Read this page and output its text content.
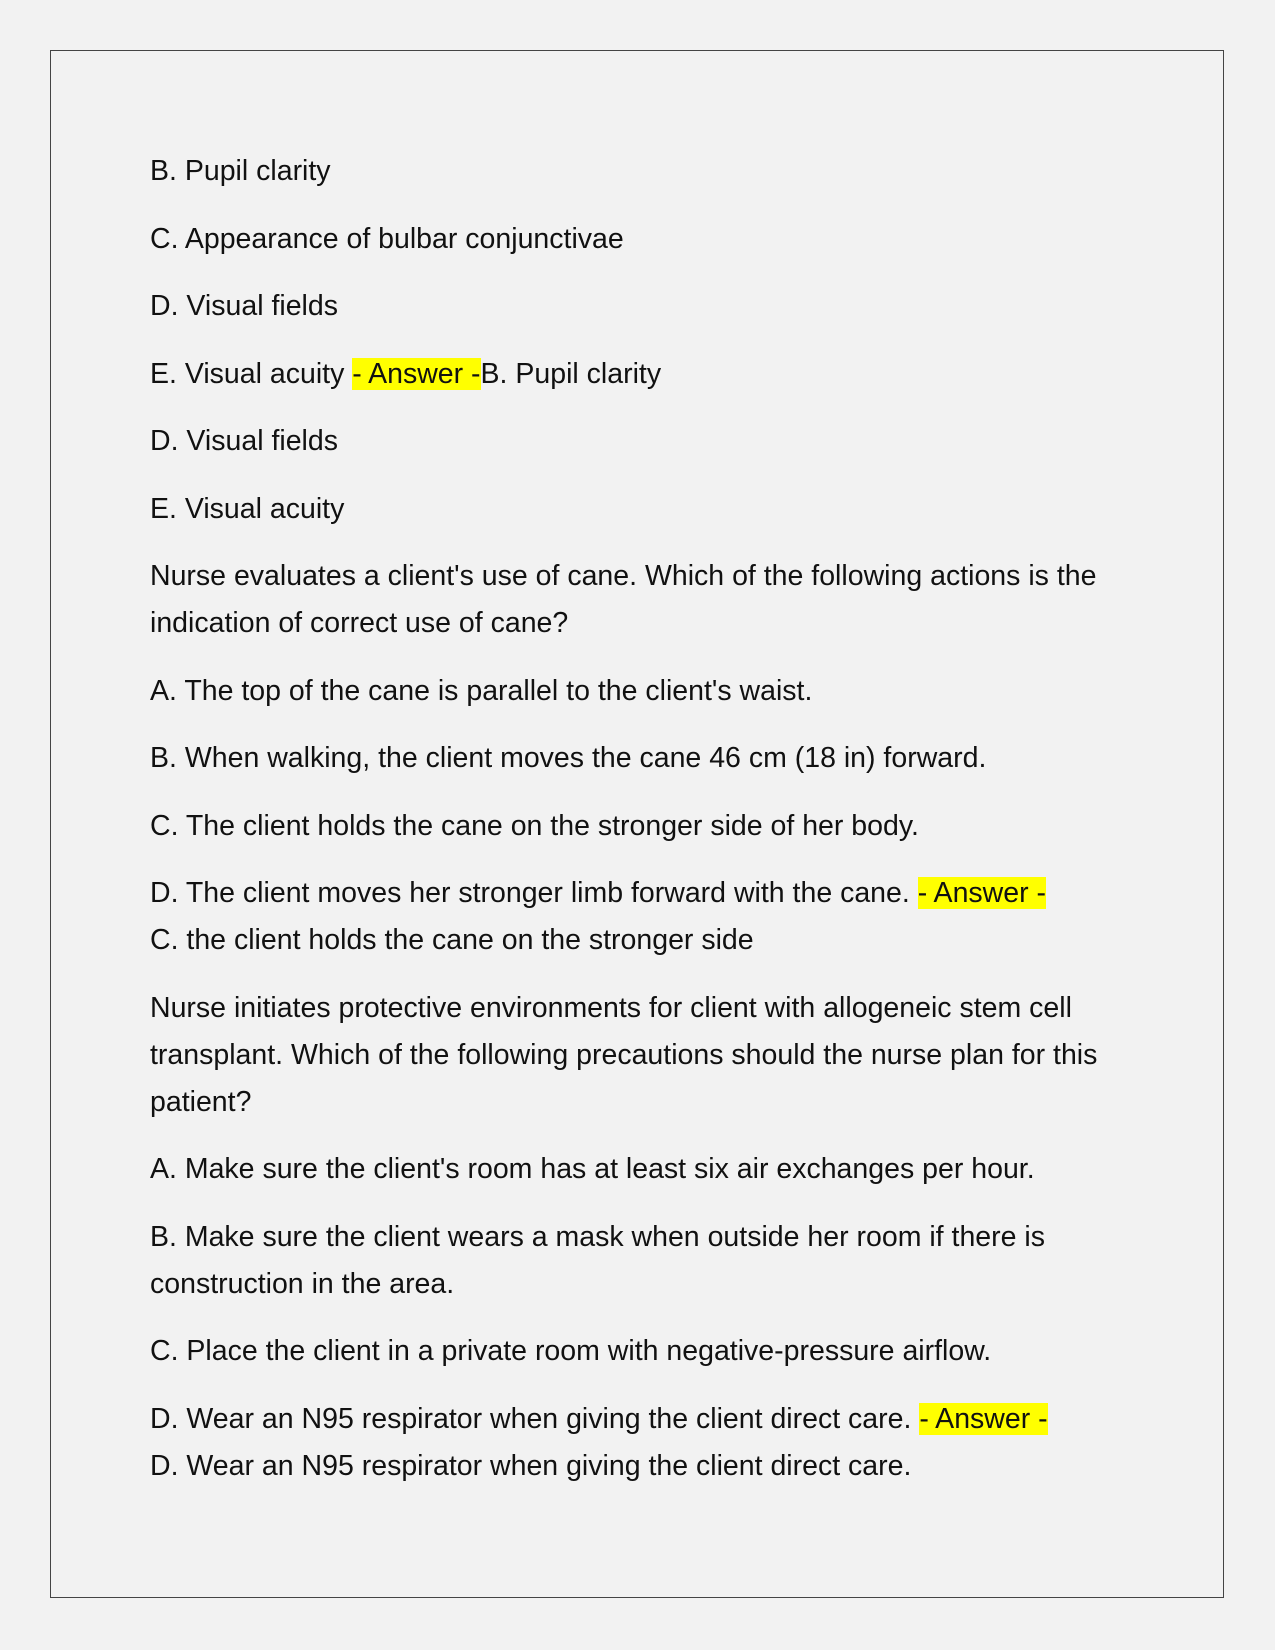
B. Pupil clarity

C. Appearance of bulbar conjunctivae

D. Visual fields

E. Visual acuity - Answer -B. Pupil clarity

D. Visual fields

E. Visual acuity

Nurse evaluates a client's use of cane. Which of the following actions is the indication of correct use of cane?

A. The top of the cane is parallel to the client's waist.

B. When walking, the client moves the cane 46 cm (18 in) forward.

C. The client holds the cane on the stronger side of her body.

D. The client moves her stronger limb forward with the cane. - Answer -
C. the client holds the cane on the stronger side

Nurse initiates protective environments for client with allogeneic stem cell transplant. Which of the following precautions should the nurse plan for this patient?

A. Make sure the client's room has at least six air exchanges per hour.

B. Make sure the client wears a mask when outside her room if there is construction in the area.

C. Place the client in a private room with negative-pressure airflow.

D. Wear an N95 respirator when giving the client direct care. - Answer -
D. Wear an N95 respirator when giving the client direct care.
